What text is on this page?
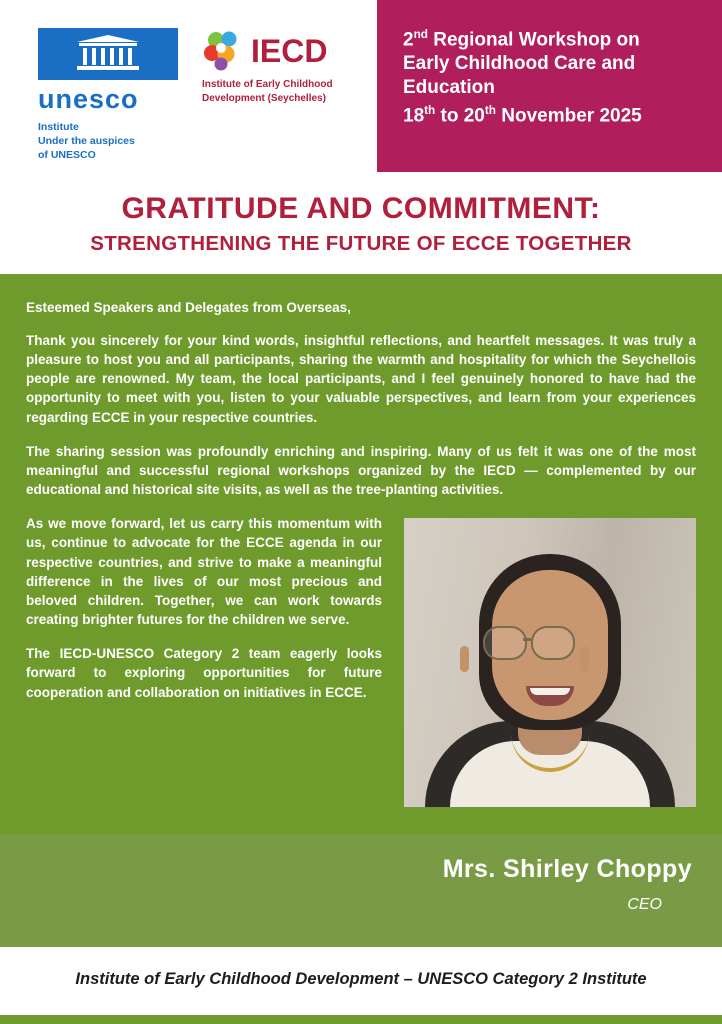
unesco
Institute
Under the auspices
of UNESCO
IECD
Institute of Early Childhood
Development (Seychelles)
2nd Regional Workshop on
Early Childhood Care and
Education
18th to 20th November 2025
GRATITUDE AND COMMITMENT:
STRENGTHENING THE FUTURE OF ECCE TOGETHER
Esteemed Speakers and Delegates from Overseas,
Thank you sincerely for your kind words, insightful reflections, and heartfelt messages. It was truly a pleasure to host you and all participants, sharing the warmth and hospitality for which the Seychellois people are renowned. My team, the local participants, and I feel genuinely honored to have had the opportunity to meet with you, listen to your valuable perspectives, and learn from your experiences regarding ECCE in your respective countries.
The sharing session was profoundly enriching and inspiring. Many of us felt it was one of the most meaningful and successful regional workshops organized by the IECD — complemented by our educational and historical site visits, as well as the tree-planting activities.
As we move forward, let us carry this momentum with us, continue to advocate for the ECCE agenda in our respective countries, and strive to make a meaningful difference in the lives of our most precious and beloved children. Together, we can work towards creating brighter futures for the children we serve.
The IECD-UNESCO Category 2 team eagerly looks forward to exploring opportunities for future cooperation and collaboration on initiatives in ECCE.
Mrs. Shirley Choppy
CEO
Institute of Early Childhood Development – UNESCO Category 2 Institute
